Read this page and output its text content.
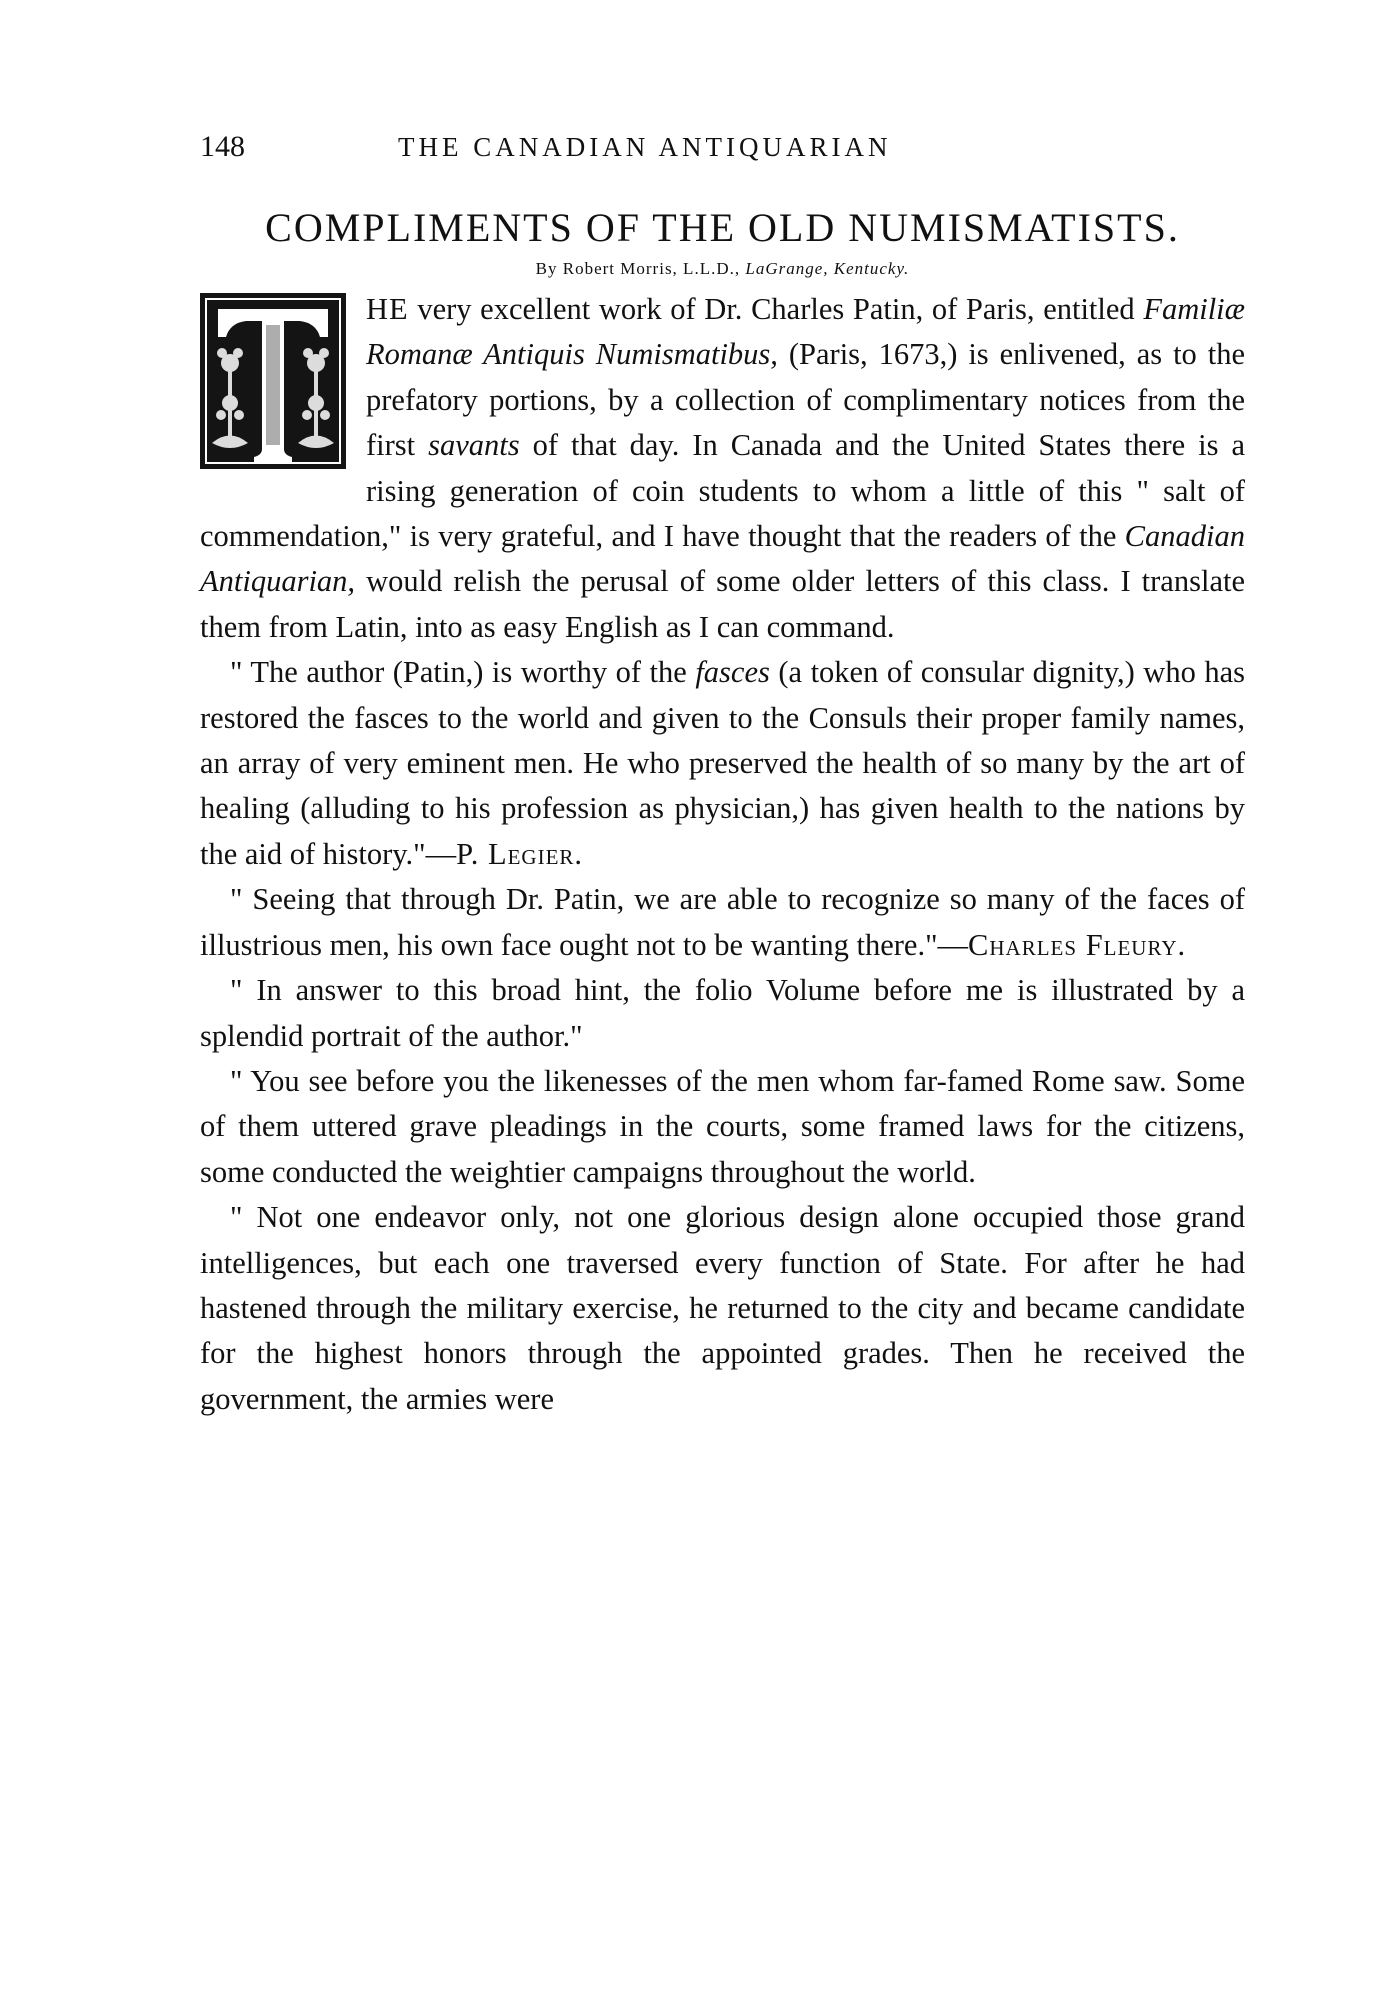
148	THE CANADIAN ANTIQUARIAN
COMPLIMENTS OF THE OLD NUMISMATISTS.
By Robert Morris, L.L.D., LaGrange, Kentucky.

HE very excellent work of Dr. Charles Patin, of Paris, entitled Familiæ Romanæ Antiquis Numismatibus, (Paris, 1673,) is enlivened, as to the prefatory portions, by a collection of complimentary notices from the first savants of that day. In Canada and the United States there is a rising generation of coin students to whom a little of this " salt of commendation," is very grateful, and I have thought that the readers of the Canadian Antiquarian, would relish the perusal of some older letters of this class. I translate them from Latin, into as easy English as I can command.

" The author (Patin,) is worthy of the fasces (a token of consular dignity,) who has restored the fasces to the world and given to the Consuls their proper family names, an array of very eminent men. He who preserved the health of so many by the art of healing (alluding to his profession as physician,) has given health to the nations by the aid of history."—P. Legier.

" Seeing that through Dr. Patin, we are able to recognize so many of the faces of illustrious men, his own face ought not to be wanting there."—Charles Fleury.

" In answer to this broad hint, the folio Volume before me is illustrated by a splendid portrait of the author."

" You see before you the likenesses of the men whom far-famed Rome saw. Some of them uttered grave pleadings in the courts, some framed laws for the citizens, some conducted the weightier campaigns throughout the world.

" Not one endeavor only, not one glorious design alone occupied those grand intelligences, but each one traversed every function of State. For after he had hastened through the military exercise, he returned to the city and became candidate for the highest honors through the appointed grades. Then he received the government, the armies were
